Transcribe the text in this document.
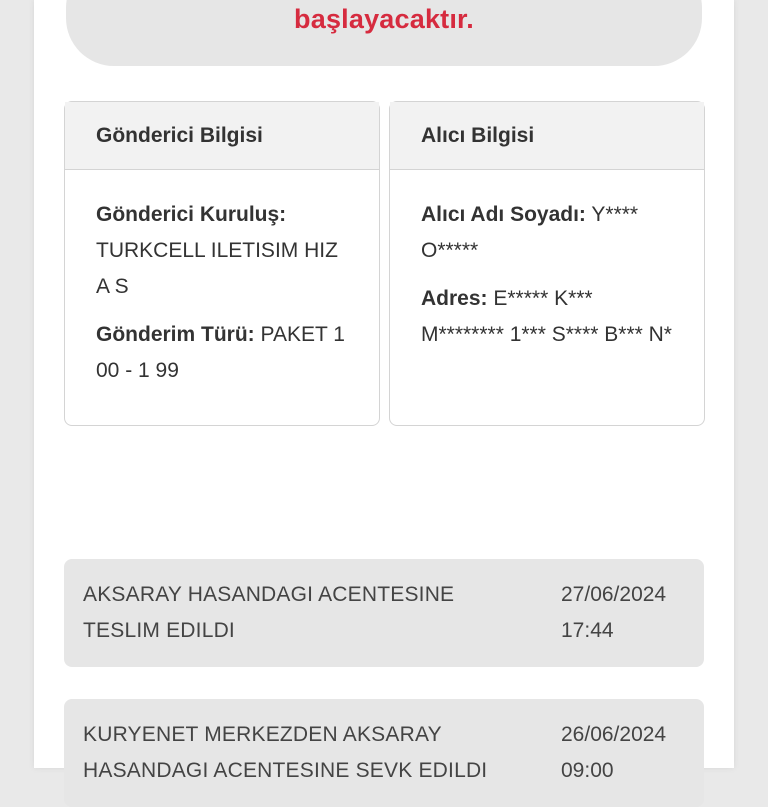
başlayacaktır.
Gönderici Bilgisi
Gönderici Kuruluş:
TURKCELL ILETISIM HIZ A S
Gönderim Türü: PAKET 1 00 - 1 99
Alıcı Bilgisi
Alıcı Adı Soyadı: Y**** O*****
Adres: E***** K*** M******** 1*** S**** B*** N*
AKSARAY HASANDAGI ACENTESINE TESLIM EDILDI
27/06/2024
17:44
KURYENET MERKEZDEN AKSARAY HASANDAGI ACENTESINE SEVK EDILDI
26/06/2024
09:00
